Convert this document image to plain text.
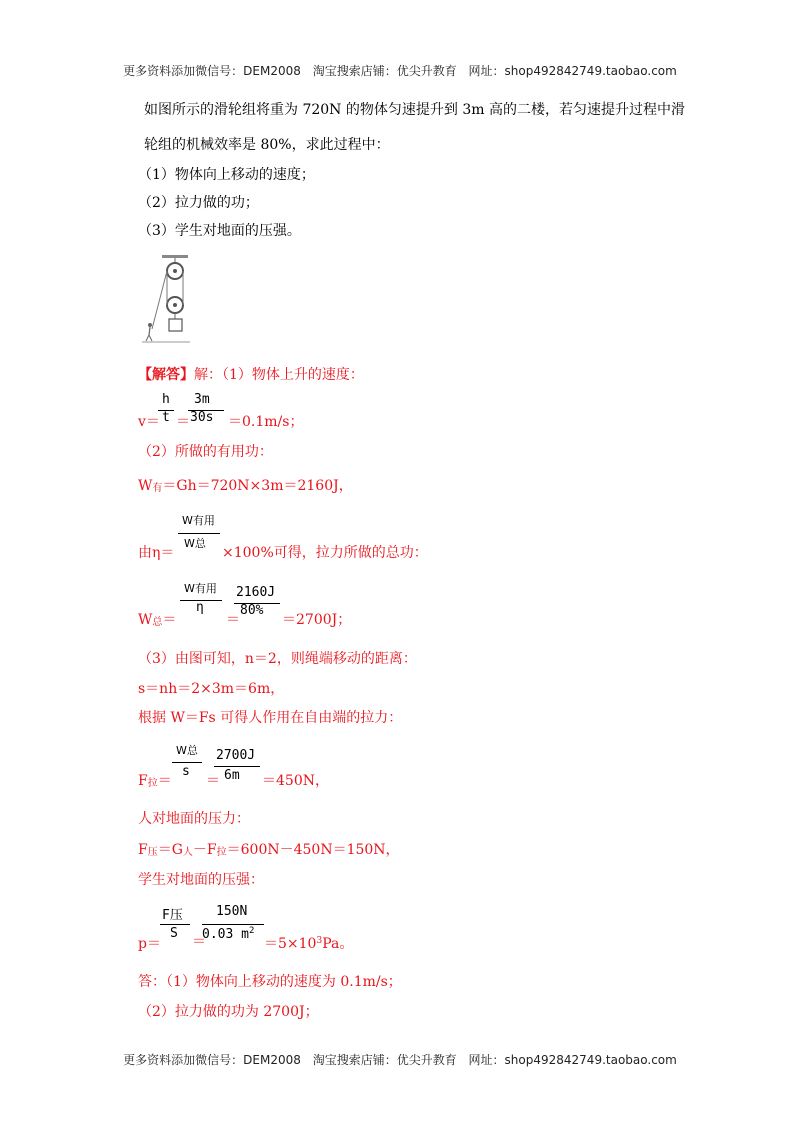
更多资料添加微信号：DEM2008 淘宝搜索店铺：优尖升教育 网址：shop492842749.taobao.com
如图所示的滑轮组将重为 720N 的物体匀速提升到 3m 高的二楼，若匀速提升过程中滑
轮组的机械效率是 80%，求此过程中：
（1）物体向上移动的速度；
（2）拉力做的功；
（3）学生对地面的压强。
【解答】解：（1）物体上升的速度：
v＝
h
t ＝
3m
30s ＝0.1m/s；
（2）所做的有用功：
W有＝Gh＝720N×3m＝2160J，
由η＝
W有用
W总
×100%可得，拉力所做的总功：
W总＝
W有用
η
＝
2160J
80%
＝2700J；
（3）由图可知，n＝2，则绳端移动的距离：
s＝nh＝2×3m＝6m，
根据 W＝Fs 可得人作用在自由端的拉力：
F拉＝
W总
s
＝
2700J
6m ＝450N，
人对地面的压力：
F压＝G人－F拉＝600N－450N＝150N，
学生对地面的压强：
p＝
F压
S
＝
150N
0.03 $m^2$
$=5\times 10^3Pa$。
答：（1）物体向上移动的速度为 0.1m/s；
（2）拉力做的功为 2700J；
更多资料添加微信号：DEM2008 淘宝搜索店铺：优尖升教育 网址：shop492842749.taobao.com
